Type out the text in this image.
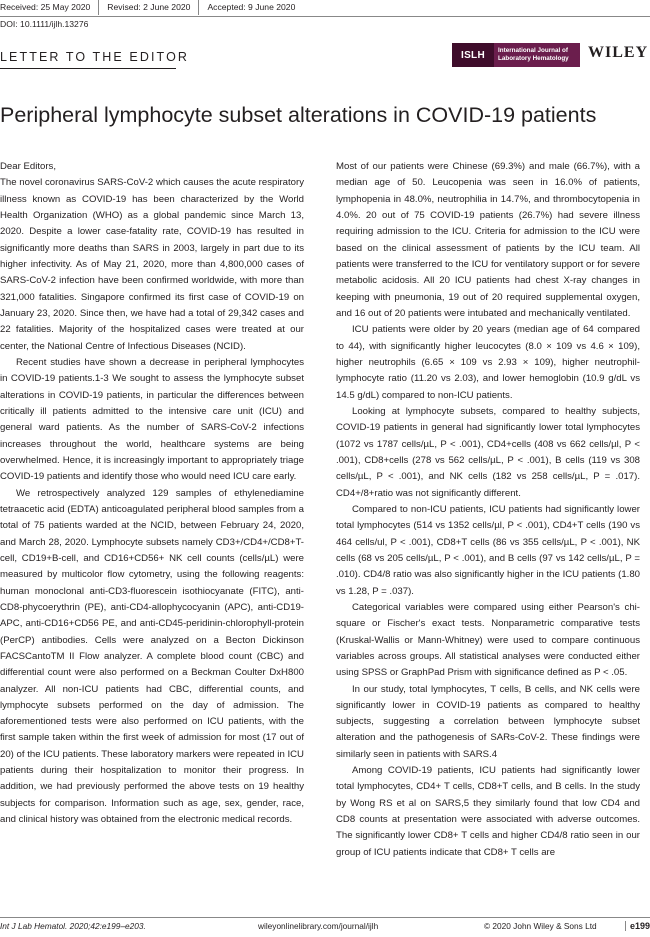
Received: 25 May 2020	Revised: 2 June 2020	Accepted: 9 June 2020
DOI: 10.1111/ijlh.13276
LETTER TO THE EDITOR	ISLH	International Journal of
Laboratory Hematology WILEY
Peripheral lymphocyte subset alterations in COVID-19 patients

Dear Editors,

The novel coronavirus SARS-CoV-2 which causes the acute respiratory illness known as COVID-19 has been characterized by the World Health Organization (WHO) as a global pandemic since March 13, 2020. Despite a lower case-fatality rate, COVID-19 has resulted in significantly more deaths than SARS in 2003, largely in part due to its higher infectivity. As of May 21, 2020, more than 4,800,000 cases of SARS-CoV-2 infection have been confirmed worldwide, with more than 321,000 fatalities. Singapore confirmed its first case of COVID-19 on January 23, 2020. Since then, we have had a total of 29,342 cases and 22 fatalities. Majority of the hospitalized cases were treated at our center, the National Centre of Infectious Diseases (NCID).

Recent studies have shown a decrease in peripheral lymphocytes in COVID-19 patients.1-3 We sought to assess the lymphocyte subset alterations in COVID-19 patients, in particular the differences between critically ill patients admitted to the intensive care unit (ICU) and general ward patients. As the number of SARS-CoV-2 infections increases throughout the world, healthcare systems are being overwhelmed. Hence, it is increasingly important to appropriately triage COVID-19 patients and identify those who would need ICU care early.

We retrospectively analyzed 129 samples of ethylenediamine tetraacetic acid (EDTA) anticoagulated peripheral blood samples from a total of 75 patients warded at the NCID, between February 24, 2020, and March 28, 2020. Lymphocyte subsets namely CD3+/CD4+/CD8+T-cell, CD19+B-cell, and CD16+CD56+ NK cell counts (cells/µL) were measured by multicolor flow cytometry, using the following reagents: human monoclonal anti-CD3-fluorescein isothiocyanate (FITC), anti-CD8-phycoerythrin (PE), anti-CD4-allophycocyanin (APC), anti-CD19-APC, anti-CD16+CD56 PE, and anti-CD45-peridinin-chlorophyll-protein (PerCP) antibodies. Cells were analyzed on a Becton Dickinson FACSCantoTM II Flow analyzer. A complete blood count (CBC) and differential count were also performed on a Beckman Coulter DxH800 analyzer. All non-ICU patients had CBC, differential counts, and lymphocyte subsets performed on the day of admission. The aforementioned tests were also performed on ICU patients, with the first sample taken within the first week of admission for most (17 out of 20) of the ICU patients. These laboratory markers were repeated in ICU patients during their hospitalization to monitor their progress. In addition, we had previously performed the above tests on 19 healthy subjects for comparison. Information such as age, sex, gender, race, and clinical history was obtained from the electronic medical records.

Most of our patients were Chinese (69.3%) and male (66.7%), with a median age of 50. Leucopenia was seen in 16.0% of patients, lymphopenia in 48.0%, neutrophilia in 14.7%, and thrombocytopenia in 4.0%. 20 out of 75 COVID-19 patients (26.7%) had severe illness requiring admission to the ICU. Criteria for admission to the ICU were based on the clinical assessment of patients by the ICU team. All patients were transferred to the ICU for ventilatory support or for severe metabolic acidosis. All 20 ICU patients had chest X-ray changes in keeping with pneumonia, 19 out of 20 required supplemental oxygen, and 16 out of 20 patients were intubated and mechanically ventilated.

ICU patients were older by 20 years (median age of 64 compared to 44), with significantly higher leucocytes (8.0 × 109 vs 4.6 × 109), higher neutrophils (6.65 × 109 vs 2.93 × 109), higher neutrophil-lymphocyte ratio (11.20 vs 2.03), and lower hemoglobin (10.9 g/dL vs 14.5 g/dL) compared to non-ICU patients.

Looking at lymphocyte subsets, compared to healthy subjects, COVID-19 patients in general had significantly lower total lymphocytes (1072 vs 1787 cells/µL, P < .001), CD4+cells (408 vs 662 cells/µl, P < .001), CD8+cells (278 vs 562 cells/µL, P < .001), B cells (119 vs 308 cells/µL, P < .001), and NK cells (182 vs 258 cells/µL, P = .017). CD4+/8+ratio was not significantly different.

Compared to non-ICU patients, ICU patients had significantly lower total lymphocytes (514 vs 1352 cells/µl, P < .001), CD4+T cells (190 vs 464 cells/ul, P < .001), CD8+T cells (86 vs 355 cells/µL, P < .001), NK cells (68 vs 205 cells/µL, P < .001), and B cells (97 vs 142 cells/µL, P = .010). CD4/8 ratio was also significantly higher in the ICU patients (1.80 vs 1.28, P = .037).

Categorical variables were compared using either Pearson's chi-square or Fischer's exact tests. Nonparametric comparative tests (Kruskal-Wallis or Mann-Whitney) were used to compare continuous variables across groups. All statistical analyses were conducted either using SPSS or GraphPad Prism with significance defined as P < .05.

In our study, total lymphocytes, T cells, B cells, and NK cells were significantly lower in COVID-19 patients as compared to healthy subjects, suggesting a correlation between lymphocyte subset alteration and the pathogenesis of SARs-CoV-2. These findings were similarly seen in patients with SARS.4

Among COVID-19 patients, ICU patients had significantly lower total lymphocytes, CD4+ T cells, CD8+T cells, and B cells. In the study by Wong RS et al on SARS,5 they similarly found that low CD4 and CD8 counts at presentation were associated with adverse outcomes. The significantly lower CD8+ T cells and higher CD4/8 ratio seen in our group of ICU patients indicate that CD8+ T cells are

Int J Lab Hematol. 2020;42:e199–e203.	wileyonlinelibrary.com/journal/ijlh	© 2020 John Wiley & Sons Ltd	e199
